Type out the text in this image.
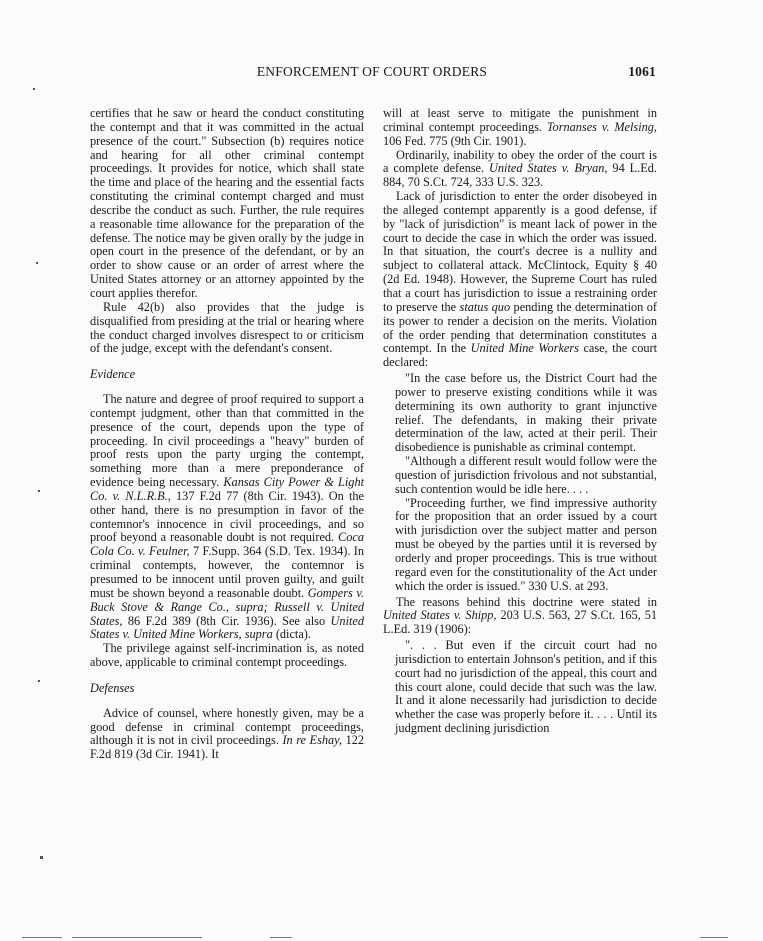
ENFORCEMENT OF COURT ORDERS	1061

certifies that he saw or heard the conduct constituting the contempt and that it was committed in the actual presence of the court." Subsection (b) requires notice and hearing for all other criminal contempt proceedings. It provides for notice, which shall state the time and place of the hearing and the essential facts constituting the criminal contempt charged and must describe the conduct as such. Further, the rule requires a reasonable time allowance for the preparation of the defense. The notice may be given orally by the judge in open court in the presence of the defendant, or by an order to show cause or an order of arrest where the United States attorney or an attorney appointed by the court applies therefor.

Rule 42(b) also provides that the judge is disqualified from presiding at the trial or hearing where the conduct charged involves disrespect to or criticism of the judge, except with the defendant's consent.

Evidence

The nature and degree of proof required to support a contempt judgment, other than that committed in the presence of the court, depends upon the type of proceeding. In civil proceedings a "heavy" burden of proof rests upon the party urging the contempt, something more than a mere preponderance of evidence being necessary. Kansas City Power & Light Co. v. N.L.R.B., 137 F.2d 77 (8th Cir. 1943). On the other hand, there is no presumption in favor of the contemnor's innocence in civil proceedings, and so proof beyond a reasonable doubt is not required. Coca Cola Co. v. Feulner, 7 F.Supp. 364 (S.D. Tex. 1934). In criminal contempts, however, the contemnor is presumed to be innocent until proven guilty, and guilt must be shown beyond a reasonable doubt. Gompers v. Buck Stove & Range Co., supra; Russell v. United States, 86 F.2d 389 (8th Cir. 1936). See also United States v. United Mine Workers, supra (dicta).

The privilege against self-incrimination is, as noted above, applicable to criminal contempt proceedings.

Defenses

Advice of counsel, where honestly given, may be a good defense in criminal contempt proceedings, although it is not in civil proceedings. In re Eshay, 122 F.2d 819 (3d Cir. 1941). It

will at least serve to mitigate the punishment in criminal contempt proceedings. Tornanses v. Melsing, 106 Fed. 775 (9th Cir. 1901).

Ordinarily, inability to obey the order of the court is a complete defense. United States v. Bryan, 94 L.Ed. 884, 70 S.Ct. 724, 333 U.S. 323.

Lack of jurisdiction to enter the order disobeyed in the alleged contempt apparently is a good defense, if by "lack of jurisdiction" is meant lack of power in the court to decide the case in which the order was issued. In that situation, the court's decree is a nullity and subject to collateral attack. McClintock, Equity § 40 (2d Ed. 1948). However, the Supreme Court has ruled that a court has jurisdiction to issue a restraining order to preserve the status quo pending the determination of its power to render a decision on the merits. Violation of the order pending that determination constitutes a contempt. In the United Mine Workers case, the court declared:

"In the case before us, the District Court had the power to preserve existing conditions while it was determining its own authority to grant injunctive relief. The defendants, in making their private determination of the law, acted at their peril. Their disobedience is punishable as criminal contempt.

"Although a different result would follow were the question of jurisdiction frivolous and not substantial, such contention would be idle here. . . .

"Proceeding further, we find impressive authority for the proposition that an order issued by a court with jurisdiction over the subject matter and person must be obeyed by the parties until it is reversed by orderly and proper proceedings. This is true without regard even for the constitutionality of the Act under which the order is issued." 330 U.S. at 293.

The reasons behind this doctrine were stated in United States v. Shipp, 203 U.S. 563, 27 S.Ct. 165, 51 L.Ed. 319 (1906):

". . . But even if the circuit court had no jurisdiction to entertain Johnson's petition, and if this court had no jurisdiction of the appeal, this court and this court alone, could decide that such was the law. It and it alone necessarily had jurisdiction to decide whether the case was properly before it. . . . Until its judgment declining jurisdiction
